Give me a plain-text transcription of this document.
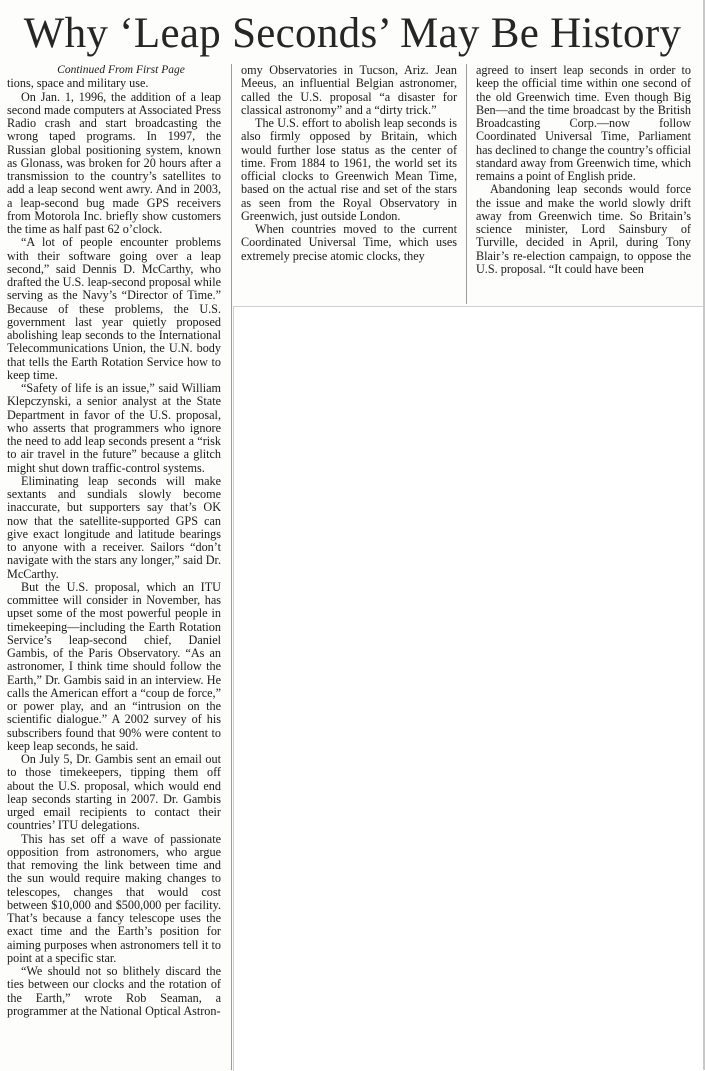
Why ‘Leap Seconds’ May Be History
Continued From First Page

tions, space and military use.

On Jan. 1, 1996, the addition of a leap second made computers at Associated Press Radio crash and start broadcasting the wrong taped programs. In 1997, the Russian global positioning system, known as Glonass, was broken for 20 hours after a transmission to the country’s satellites to add a leap second went awry. And in 2003, a leap-second bug made GPS receivers from Motorola Inc. briefly show customers the time as half past 62 o’clock.

“A lot of people encounter problems with their software going over a leap second,” said Dennis D. McCarthy, who drafted the U.S. leap-second proposal while serving as the Navy’s “Director of Time.” Because of these problems, the U.S. government last year quietly proposed abolishing leap seconds to the International Telecommunications Union, the U.N. body that tells the Earth Rotation Service how to keep time.

“Safety of life is an issue,” said William Klepczynski, a senior analyst at the State Department in favor of the U.S. proposal, who asserts that programmers who ignore the need to add leap seconds present a “risk to air travel in the future” because a glitch might shut down traffic-control systems.

Eliminating leap seconds will make sextants and sundials slowly become inaccurate, but supporters say that’s OK now that the satellite-supported GPS can give exact longitude and latitude bearings to anyone with a receiver. Sailors “don’t navigate with the stars any longer,” said Dr. McCarthy.

But the U.S. proposal, which an ITU committee will consider in November, has upset some of the most powerful people in timekeeping—including the Earth Rotation Service’s leap-second chief, Daniel Gambis, of the Paris Observatory. “As an astronomer, I think time should follow the Earth,” Dr. Gambis said in an interview. He calls the American effort a “coup de force,” or power play, and an “intrusion on the scientific dialogue.” A 2002 survey of his subscribers found that 90% were content to keep leap seconds, he said.

On July 5, Dr. Gambis sent an email out to those timekeepers, tipping them off about the U.S. proposal, which would end leap seconds starting in 2007. Dr. Gambis urged email recipients to contact their countries’ ITU delegations.

This has set off a wave of passionate opposition from astronomers, who argue that removing the link between time and the sun would require making changes to telescopes, changes that would cost between $10,000 and $500,000 per facility. That’s because a fancy telescope uses the exact time and the Earth’s position for aiming purposes when astronomers tell it to point at a specific star.

“We should not so blithely discard the ties between our clocks and the rotation of the Earth,” wrote Rob Seaman, a programmer at the National Optical Astron-

omy Observatories in Tucson, Ariz. Jean Meeus, an influential Belgian astronomer, called the U.S. proposal “a disaster for classical astronomy” and a “dirty trick.”

The U.S. effort to abolish leap seconds is also firmly opposed by Britain, which would further lose status as the center of time. From 1884 to 1961, the world set its official clocks to Greenwich Mean Time, based on the actual rise and set of the stars as seen from the Royal Observatory in Greenwich, just outside London.

When countries moved to the current Coordinated Universal Time, which uses extremely precise atomic clocks, they

agreed to insert leap seconds in order to keep the official time within one second of the old Greenwich time. Even though Big Ben—and the time broadcast by the British Broadcasting Corp.—now follow Coordinated Universal Time, Parliament has declined to change the country’s official standard away from Greenwich time, which remains a point of English pride.

Abandoning leap seconds would force the issue and make the world slowly drift away from Greenwich time. So Britain’s science minister, Lord Sainsbury of Turville, decided in April, during Tony Blair’s re-election campaign, to oppose the U.S. proposal. “It could have been
